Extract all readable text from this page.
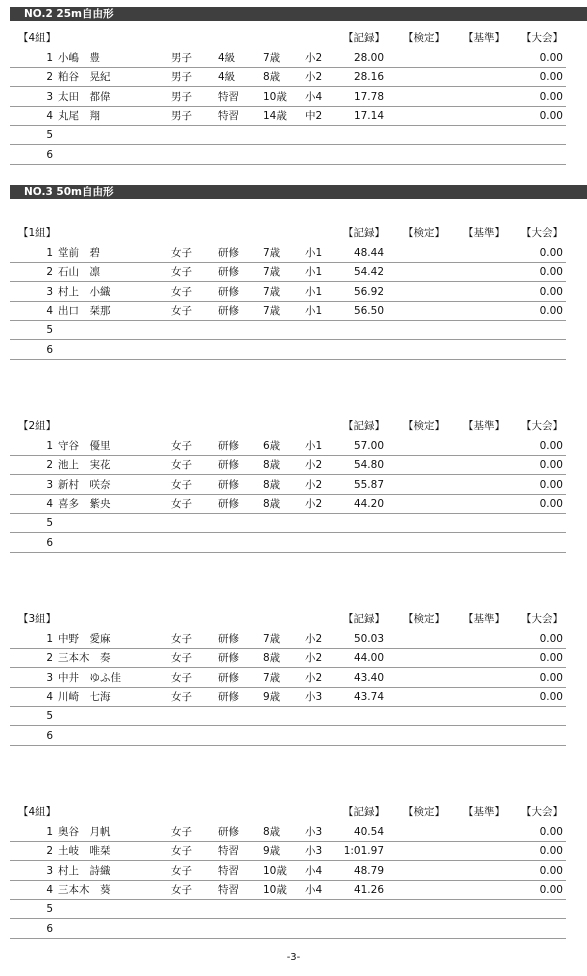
NO.2 25m自由形
【4組】	【記録】 【検定】 【基準】 【大会】
1 小嶋　豊	男子 4級	7歳 小2	28.00	0.00
2 粕谷　晃紀	男子 4級	8歳 小2	28.16	0.00
3 太田　都偉	男子 特習 10歳 小4	17.78	0.00
4 丸尾　翔	男子 特習 14歳 中2	17.14	0.00
5
6
NO.3 50m自由形
【1組】	【記録】 【検定】 【基準】 【大会】
1 堂前　碧	女子 研修 7歳 小1	48.44	0.00
2 石山　凛	女子 研修 7歳 小1	54.42	0.00
3 村上　小織	女子 研修 7歳 小1	56.92	0.00
4 出口　栞那	女子 研修 7歳 小1	56.50	0.00
5
6
【2組】	【記録】 【検定】 【基準】 【大会】
1 守谷　優里	女子 研修 6歳 小1	57.00	0.00
2 池上　実花	女子 研修 8歳 小2	54.80	0.00
3 新村　咲奈	女子 研修 8歳 小2	55.87	0.00
4 喜多　紫央	女子 研修 8歳 小2	44.20	0.00
5
6
【3組】	【記録】 【検定】 【基準】 【大会】
1 中野　愛麻	女子 研修 7歳 小2	50.03	0.00
2 三本木　奏	女子 研修 8歳 小2	44.00	0.00
3 中井　ゆふ佳	女子 研修 7歳 小2	43.40	0.00
4 川崎　七海	女子 研修 9歳 小3	43.74	0.00
5
6
【4組】	【記録】 【検定】 【基準】 【大会】
1 奥谷　月帆	女子 研修 8歳 小3	40.54	0.00
2 土岐　唯栞	女子 特習 9歳 小3	1:01.97	0.00
3 村上　詩織	女子 特習 10歳 小4	48.79	0.00
4 三本木　葵	女子 特習 10歳 小4	41.26	0.00
5
6
-3-
